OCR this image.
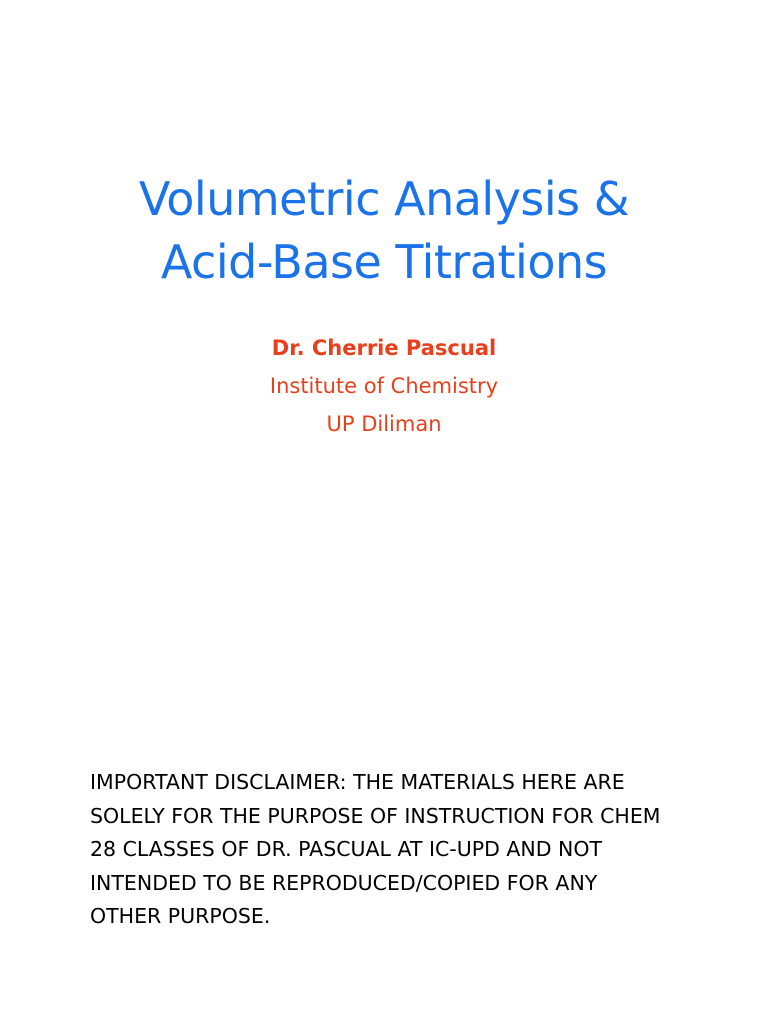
Volumetric Analysis &
Acid-Base Titrations
Dr. Cherrie Pascual
Institute of Chemistry
UP Diliman
IMPORTANT DISCLAIMER: THE MATERIALS HERE ARE
SOLELY FOR THE PURPOSE OF INSTRUCTION FOR CHEM
28 CLASSES OF DR. PASCUAL AT IC-UPD AND NOT
INTENDED TO BE REPRODUCED/COPIED FOR ANY
OTHER PURPOSE.
